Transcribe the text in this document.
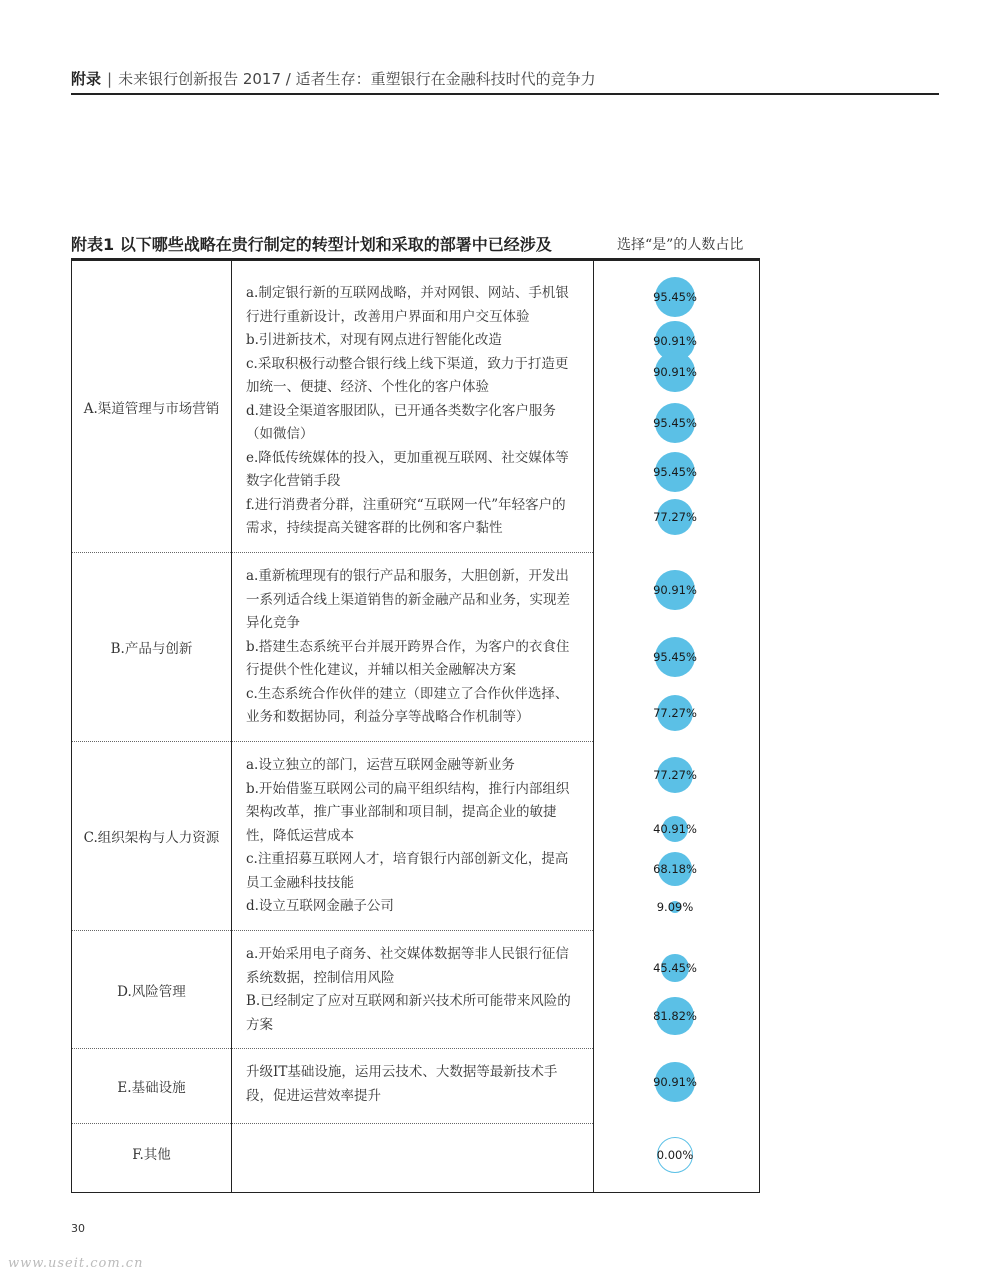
附录 | 未来银行创新报告 2017 / 适者生存：重塑银行在金融科技时代的竞争力
附表1 以下哪些战略在贵行制定的转型计划和采取的部署中已经涉及	选择“是”的人数占比
A.渠道管理与市场营销
B.产品与创新
C.组织架构与人力资源
D.风险管理
E.基础设施
F.其他

a.制定银行新的互联网战略，并对网银、网站、手机银行进行重新设计，改善用户界面和用户交互体验

b.引进新技术，对现有网点进行智能化改造

c.采取积极行动整合银行线上线下渠道，致力于打造更加统一、便捷、经济、个性化的客户体验

d.建设全渠道客服团队，已开通各类数字化客户服务（如微信）

e.降低传统媒体的投入，更加重视互联网、社交媒体等数字化营销手段

f.进行消费者分群，注重研究“互联网一代”年轻客户的需求，持续提高关键客群的比例和客户黏性

a.重新梳理现有的银行产品和服务，大胆创新，开发出一系列适合线上渠道销售的新金融产品和业务，实现差异化竞争

b.搭建生态系统平台并展开跨界合作，为客户的衣食住行提供个性化建议，并辅以相关金融解决方案

c.生态系统合作伙伴的建立（即建立了合作伙伴选择、业务和数据协同，利益分享等战略合作机制等）

a.设立独立的部门，运营互联网金融等新业务

b.开始借鉴互联网公司的扁平组织结构，推行内部组织架构改革，推广事业部制和项目制，提高企业的敏捷性，降低运营成本

c.注重招募互联网人才，培育银行内部创新文化，提高员工金融科技技能

d.设立互联网金融子公司

a.开始采用电子商务、社交媒体数据等非人民银行征信系统数据，控制信用风险

B.已经制定了应对互联网和新兴技术所可能带来风险的方案

升级IT基础设施，运用云技术、大数据等最新技术手段，促进运营效率提升

95.45%
90.91%
90.91%
95.45%
95.45%
77.27%
90.91%
95.45%
77.27%
77.27%
40.91%
68.18%
9.09%
45.45%
81.82%
90.91%
0.00%
30
www.useit.com.cn
